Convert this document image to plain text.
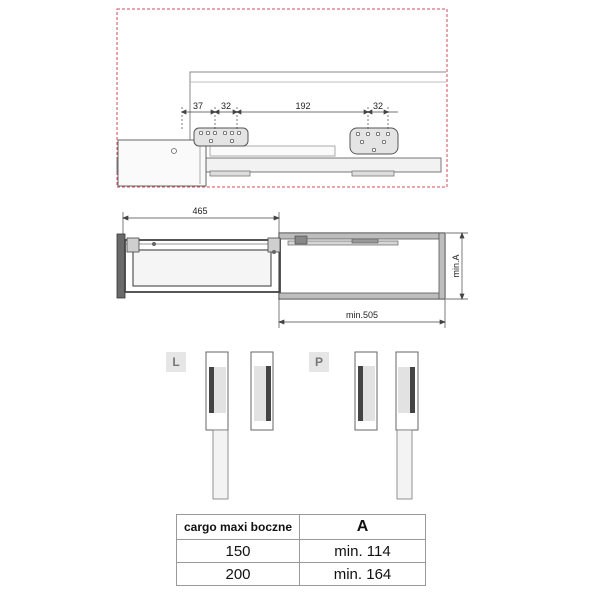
37 32	192	32
465
min.505
min.A
L	P
cargo maxi boczne	A
150	min. 114
200	min. 164
